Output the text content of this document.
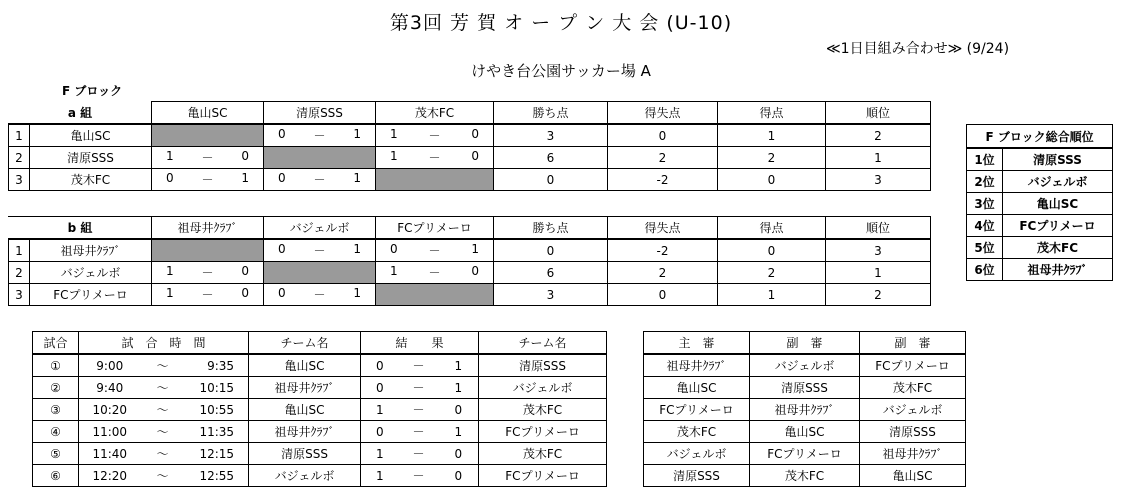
第3回 芳 賀 オ ー プ ン 大 会 (U-10)
≪1日目組み合わせ≫ (9/24)
けやき台公園サッカー場 A
F ブロック
a 組		亀山SC	清原SSS	茂木FC	勝ち点	得失点	得点	順位
1	亀山SC		0 － 1	1 － 0	3	0	1	2
2	清原SSS	1 － 0		1 － 0	6	2	2	1
3	茂木FC	0 － 1	0 － 1		0	-2	0	3
b 組		祖母井ｸﾗﾌﾞ	バジェルボ	FCプリメーロ	勝ち点	得失点	得点	順位
1	祖母井ｸﾗﾌﾞ		0 － 1	0 － 1	0	-2	0	3
2	バジェルボ	1 － 0		1 － 0	6	2	2	1
3	FCプリメーロ	1 － 0	0 － 1		3	0	1	2
F ブロック総合順位	
1位	清原SSS
2位	バジェルボ
3位	亀山SC
4位	FCプリメーロ
5位	茂木FC
6位	祖母井ｸﾗﾌﾞ
試合	試　合　時　間			チーム名	結　　果			チーム名
①	9:00	～	9:35	亀山SC	0	－	1	清原SSS
②	9:40	～	10:15	祖母井ｸﾗﾌﾞ	0	－	1	バジェルボ
③	10:20	～	10:55	亀山SC	1	－	0	茂木FC
④	11:00	～	11:35	祖母井ｸﾗﾌﾞ	0	－	1	FCプリメーロ
⑤	11:40	～	12:15	清原SSS	1	－	0	茂木FC
⑥	12:20	～	12:55	バジェルボ	1	－	0	FCプリメーロ
主　審	副　審	副　審
祖母井ｸﾗﾌﾞ	バジェルボ	FCプリメーロ
亀山SC	清原SSS	茂木FC
FCプリメーロ	祖母井ｸﾗﾌﾞ	バジェルボ
茂木FC	亀山SC	清原SSS
バジェルボ	FCプリメーロ	祖母井ｸﾗﾌﾞ
清原SSS	茂木FC	亀山SC
